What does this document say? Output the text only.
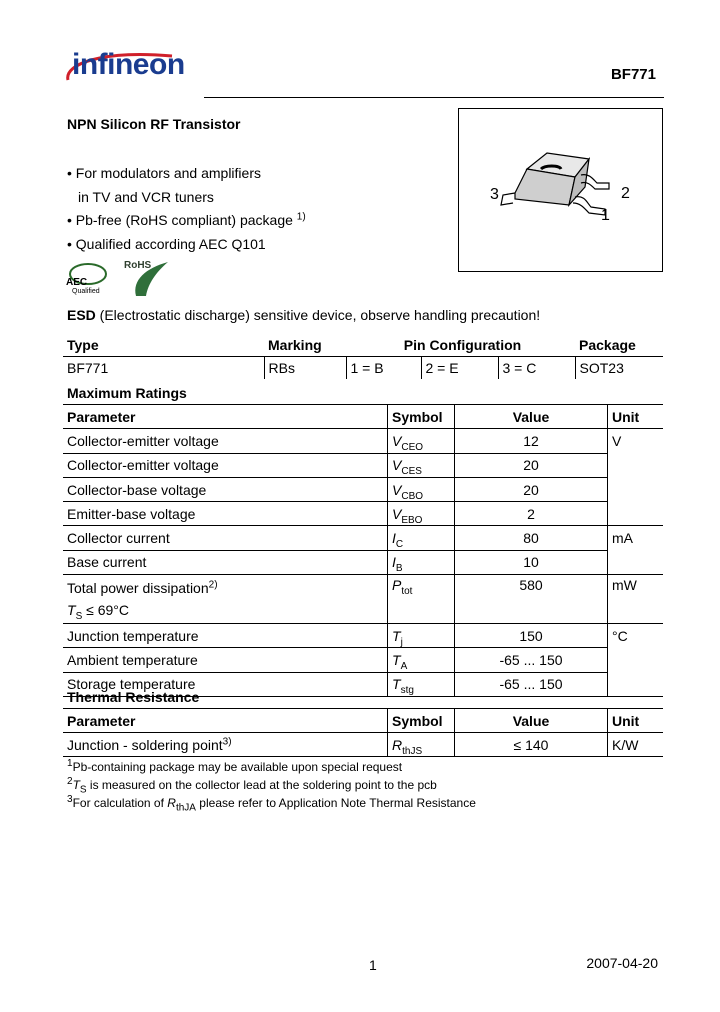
infineon	BF771
NPN Silicon RF Transistor
• For modulators and amplifiers
in TV and VCR tuners
• Pb-free (RoHS compliant) package $^{1)}$
• Qualified according AEC Q101
3	2
1
AEC
Qualified
RoHS
ESD (Electrostatic discharge) sensitive device, observe handling precaution!
Type	Marking	Pin Configuration			Package
BF771	RBs	1 = B	2 = E	3 = C	SOT23
Maximum Ratings
Parameter	Symbol	Value	Unit
Collector-emitter voltage	$V_{CEO}$	12	V
Collector-emitter voltage	$V_{CES}$	20	
Collector-base voltage	$V_{CBO}$	20	
Emitter-base voltage	$V_{EBO}$	2	
Collector current	$I_C$	80	mA
Base current	$I_B$	10	
Total power dissipation$^{2)}$
$T_S \le 69^\circ C$	$P_{tot}$	580	mW
Junction temperature	$T_j$	150	°C
Ambient temperature	$T_A$	-65 ... 150	
Storage temperature	$T_{stg}$	-65 ... 150	
Thermal Resistance
Parameter	Symbol	Value	Unit
Junction - soldering point$^{3)}$	$R_{thJS}$	≤ 140	K/W
$^1$Pb-containing package may be available upon special request
$^2T_S$ is measured on the collector lead at the soldering point to the pcb
$^3$For calculation of $R_{thJA}$ please refer to Application Note Thermal Resistance
1	2007-04-20
